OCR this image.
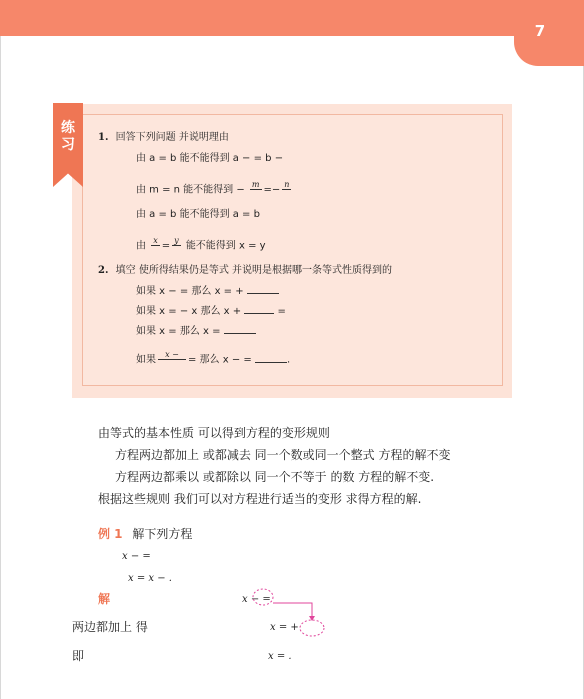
7
练
习	1. 回答下列问题 并说明理由
由 a = b 能不能得到 a − = b −
由 m = n 能不能得到 − m
=− n

由 a = b 能不能得到 a = b
由 x
= y
能不能得到 x = y
2. 填空 使所得结果仍是等式 并说明是根据哪一条等式性质得到的
如果 x − = 那么 x = +
如果 x = − x 那么 x +	=
如果 x = 那么 x =
如果	x −
= 那么 x − =	.
由等式的基本性质 可以得到方程的变形规则
方程两边都加上 或都减去 同一个数或同一个整式 方程的解不变
方程两边都乘以 或都除以 同一个不等于 的数 方程的解不变.
根据这些规则 我们可以对方程进行适当的变形 求得方程的解.
例 1 解下列方程
x − =
x = x − .
解	x − =
两边都加上 得	x = +
即	x = .
